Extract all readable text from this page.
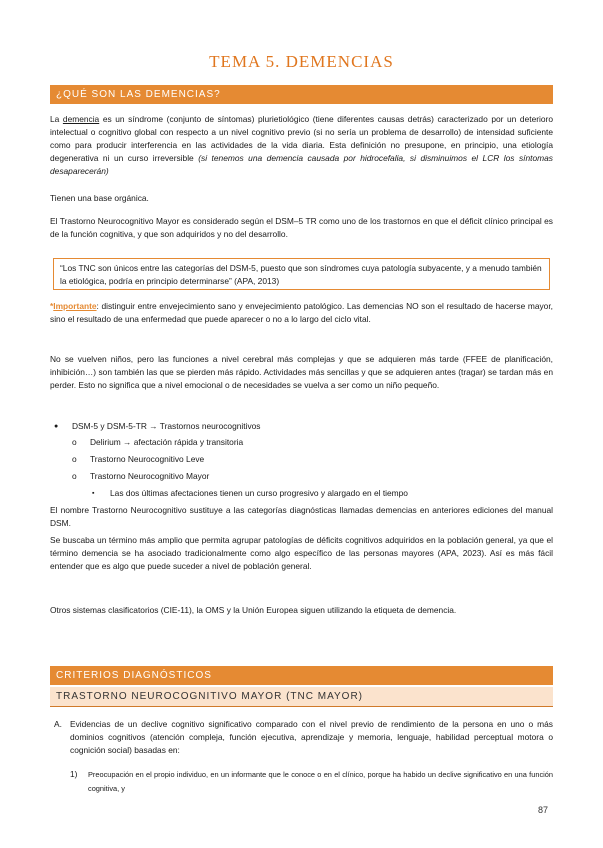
TEMA 5. DEMENCIAS
¿QUÉ SON LAS DEMENCIAS?

La demencia es un síndrome (conjunto de síntomas) plurietiológico (tiene diferentes causas detrás) caracterizado por un deterioro intelectual o cognitivo global con respecto a un nivel cognitivo previo (si no sería un problema de desarrollo) de intensidad suficiente como para producir interferencia en las actividades de la vida diaria. Esta definición no presupone, en principio, una etiología degenerativa ni un curso irreversible (si tenemos una demencia causada por hidrocefalia, si disminuimos el LCR los síntomas desaparecerán)

Tienen una base orgánica.

El Trastorno Neurocognitivo Mayor es considerado según el DSM–5 TR como uno de los trastornos en que el déficit clínico principal es de la función cognitiva, y que son adquiridos y no del desarrollo.

“Los TNC son únicos entre las categorías del DSM-5, puesto que son síndromes cuya patología subyacente, y a menudo también la etiológica, podría en principio determinarse” (APA, 2013)

*Importante: distinguir entre envejecimiento sano y envejecimiento patológico. Las demencias NO son el resultado de hacerse mayor, sino el resultado de una enfermedad que puede aparecer o no a lo largo del ciclo vital.

No se vuelven niños, pero las funciones a nivel cerebral más complejas y que se adquieren más tarde (FFEE de planificación, inhibición…) son también las que se pierden más rápido. Actividades más sencillas y que se adquieren antes (tragar) se tardan más en perder. Esto no significa que a nivel emocional o de necesidades se vuelva a ser como un niño pequeño.

● DSM-5 y DSM-5-TR → Trastornos neurocognitivos
o Delirium → afectación rápida y transitoria
o Trastorno Neurocognitivo Leve
o Trastorno Neurocognitivo Mayor
▪ Las dos últimas afectaciones tienen un curso progresivo y alargado en el tiempo

El nombre Trastorno Neurocognitivo sustituye a las categorías diagnósticas llamadas demencias en anteriores ediciones del manual DSM.

Se buscaba un término más amplio que permita agrupar patologías de déficits cognitivos adquiridos en la población general, ya que el término demencia se ha asociado tradicionalmente como algo específico de las personas mayores (APA, 2023). Así es más fácil entender que es algo que puede suceder a nivel de población general.

Otros sistemas clasificatorios (CIE-11), la OMS y la Unión Europea siguen utilizando la etiqueta de demencia.

CRITERIOS DIAGNÓSTICOS
TRASTORNO NEUROCOGNITIVO MAYOR (TNC MAYOR)
A. Evidencias de un declive cognitivo significativo comparado con el nivel previo de rendimiento de la persona en uno o más dominios cognitivos (atención compleja, función ejecutiva, aprendizaje y memoria, lenguaje, habilidad perceptual motora o cognición social) basadas en:

1) Preocupación en el propio individuo, en un informante que le conoce o en el clínico, porque ha habido un declive significativo en una función cognitiva, y

87
